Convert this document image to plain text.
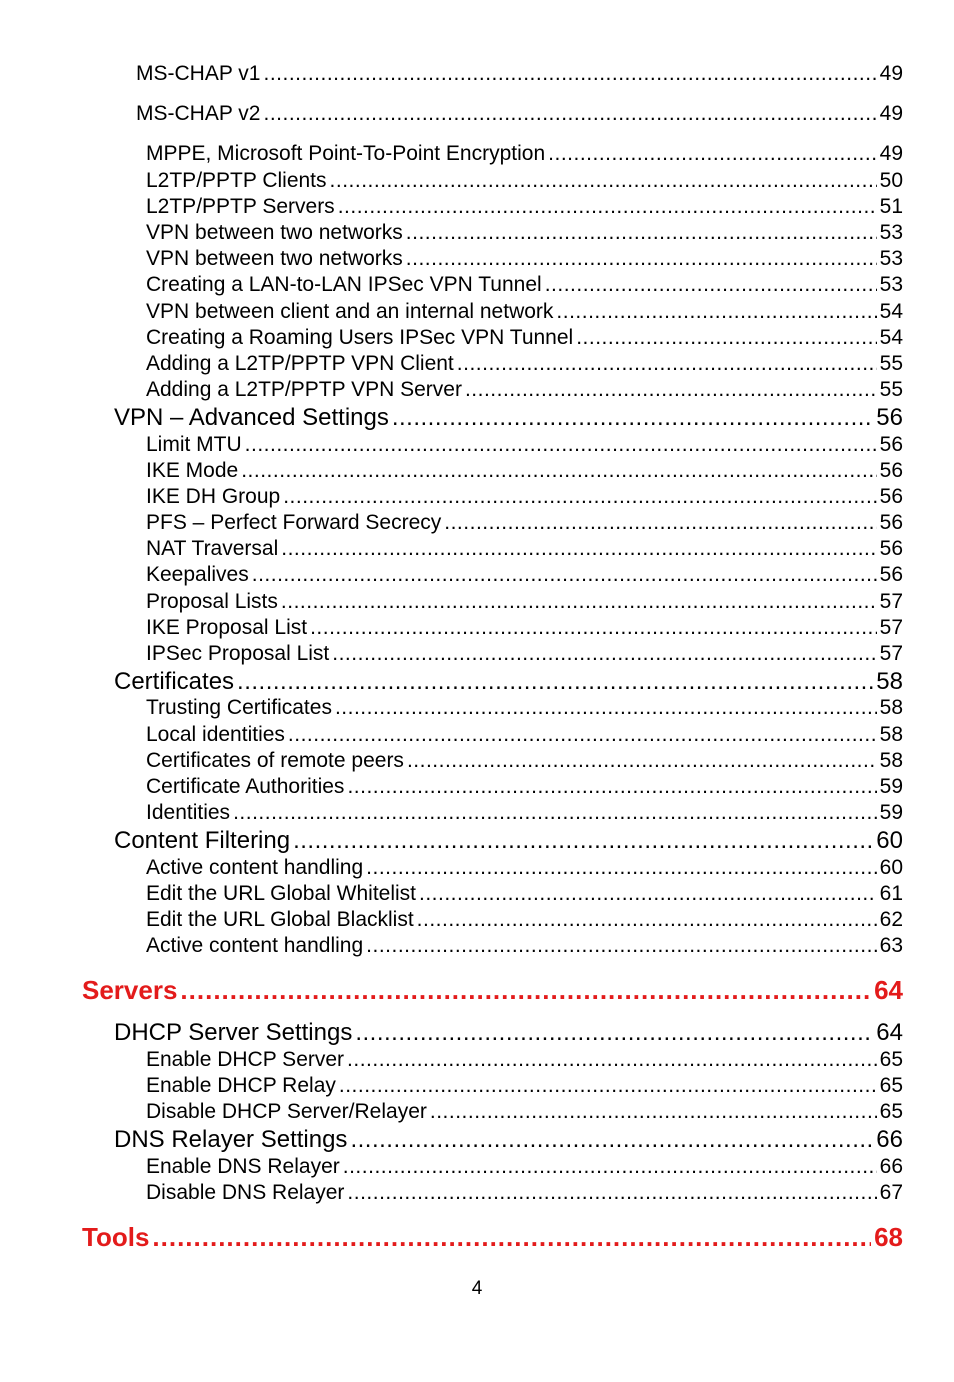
MS-CHAP v1 .....	49
MS-CHAP v2 .....	49
MPPE, Microsoft Point-To-Point Encryption .....	49
L2TP/PPTP Clients .....	50
L2TP/PPTP Servers .....	51
VPN between two networks .....	53
VPN between two networks .....	53
Creating a LAN-to-LAN IPSec VPN Tunnel .....	53
VPN between client and an internal network .....	54
Creating a Roaming Users IPSec VPN Tunnel .....	54
Adding a L2TP/PPTP VPN Client .....	55
Adding a L2TP/PPTP VPN Server .....	55
VPN – Advanced Settings .....	56
Limit MTU .....	56
IKE Mode .....	56
IKE DH Group .....	56
PFS – Perfect Forward Secrecy .....	56
NAT Traversal .....	56
Keepalives .....	56
Proposal Lists .....	57
IKE Proposal List .....	57
IPSec Proposal List .....	57
Certificates .....	58
Trusting Certificates .....	58
Local identities .....	58
Certificates of remote peers .....	58
Certificate Authorities .....	59
Identities .....	59
Content Filtering .....	60
Active content handling .....	60
Edit the URL Global Whitelist .....	61
Edit the URL Global Blacklist .....	62
Active content handling .....	63
Servers .....	64
DHCP Server Settings .....	64
Enable DHCP Server .....	65
Enable DHCP Relay .....	65
Disable DHCP Server/Relayer .....	65
DNS Relayer Settings .....	66
Enable DNS Relayer .....	66
Disable DNS Relayer .....	67
Tools .....	68
4
